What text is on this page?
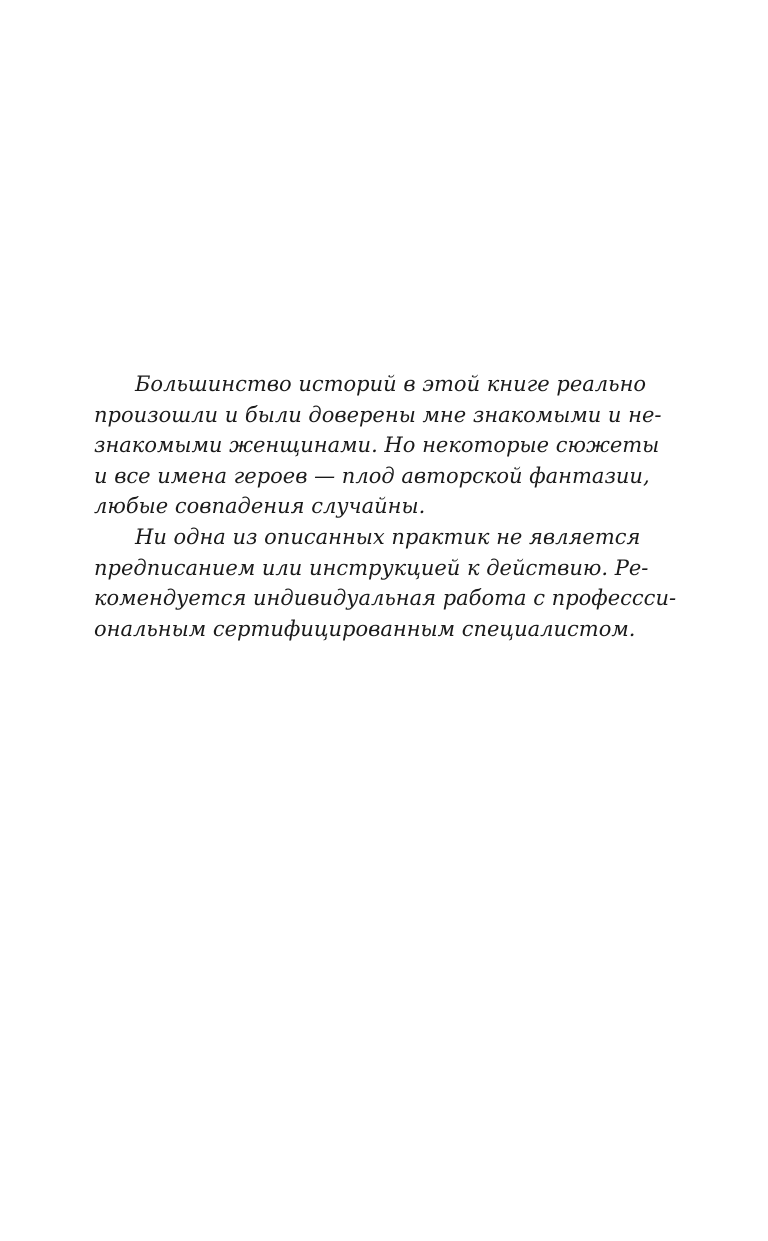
Большинство историй в этой книге реально
произошли и были доверены мне знакомыми и не-
знакомыми женщинами. Но некоторые сюжеты
и все имена героев — плод авторской фантазии,
любые совпадения случайны.
Ни одна из описанных практик не является
предписанием или инструкцией к действию. Ре-
комендуется индивидуальная работа с профессси-
ональным сертифицированным специалистом.
